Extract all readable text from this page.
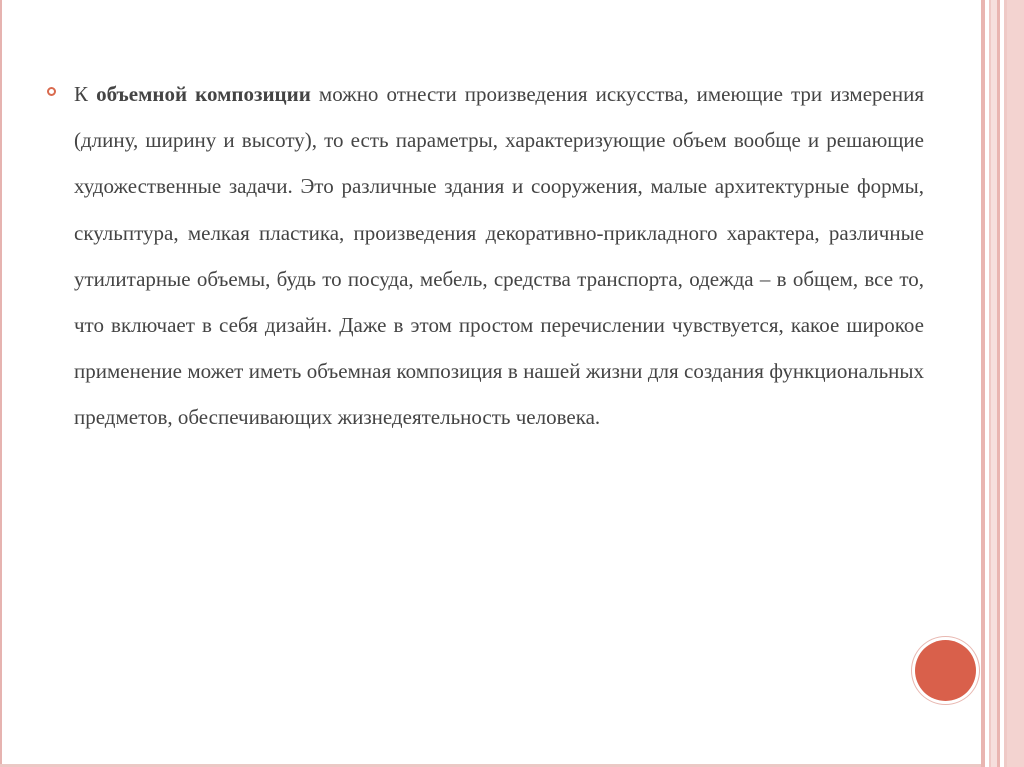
К объемной композиции можно отнести произведения искусства, имеющие три измерения (длину, ширину и высоту), то есть параметры, характеризующие объем вообще и решающие художественные задачи. Это различные здания и сооружения, малые архитектурные формы, скульптура, мелкая пластика, произведения декоративно-прикладного характера, различные утилитарные объемы, будь то посуда, мебель, средства транспорта, одежда – в общем, все то, что включает в себя дизайн. Даже в этом простом перечислении чувствуется, какое широкое применение может иметь объемная композиция в нашей жизни для создания функциональных предметов, обеспечивающих жизнедеятельность человека.
